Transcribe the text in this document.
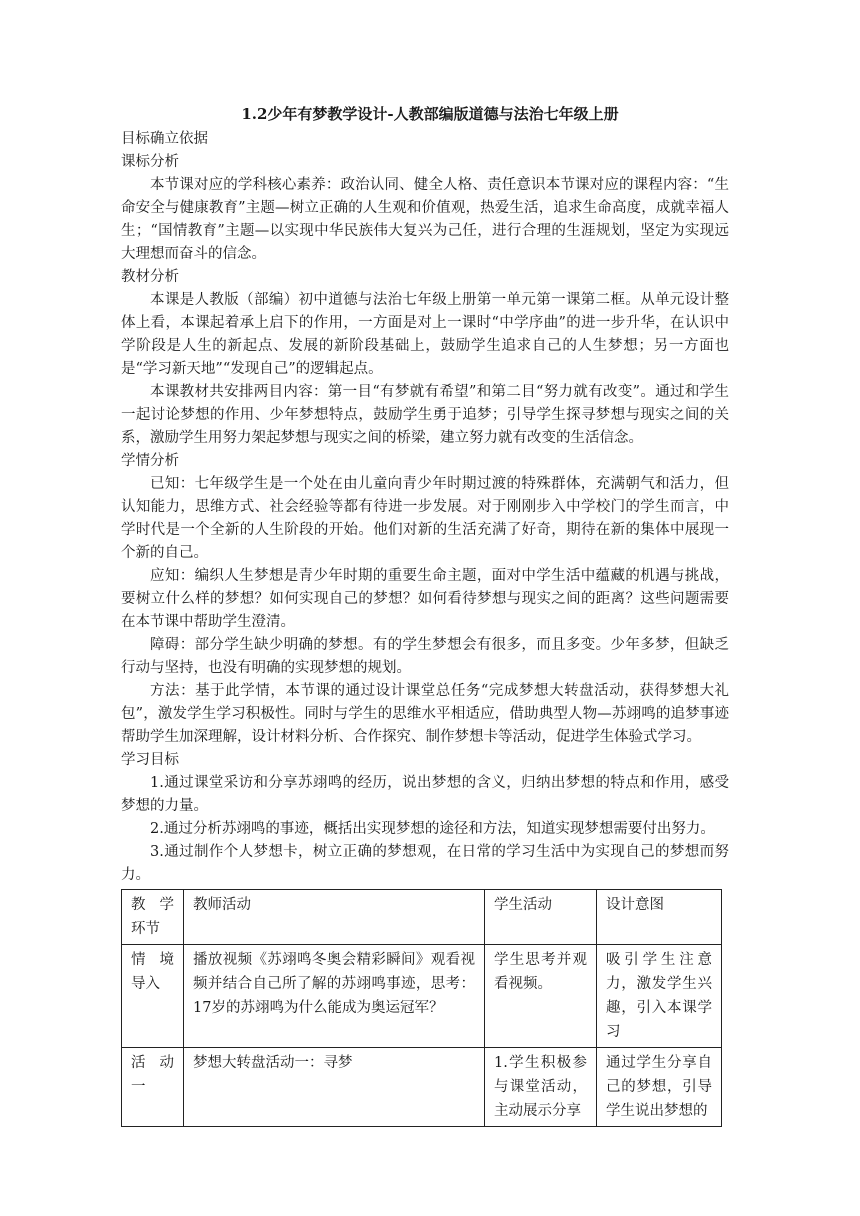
1.2少年有梦教学设计-人教部编版道德与法治七年级上册
目标确立依据
课标分析
本节课对应的学科核心素养：政治认同、健全人格、责任意识本节课对应的课程内容：“生命安全与健康教育”主题—树立正确的人生观和价值观，热爱生活，追求生命高度，成就幸福人生；“国情教育”主题—以实现中华民族伟大复兴为己任，进行合理的生涯规划，坚定为实现远大理想而奋斗的信念。
教材分析
本课是人教版（部编）初中道德与法治七年级上册第一单元第一课第二框。从单元设计整体上看，本课起着承上启下的作用，一方面是对上一课时“中学序曲”的进一步升华，在认识中学阶段是人生的新起点、发展的新阶段基础上，鼓励学生追求自己的人生梦想；另一方面也是“学习新天地”“发现自己”的逻辑起点。
本课教材共安排两目内容：第一目“有梦就有希望”和第二目“努力就有改变”。通过和学生一起讨论梦想的作用、少年梦想特点，鼓励学生勇于追梦；引导学生探寻梦想与现实之间的关系，激励学生用努力架起梦想与现实之间的桥梁，建立努力就有改变的生活信念。
学情分析
已知：七年级学生是一个处在由儿童向青少年时期过渡的特殊群体，充满朝气和活力，但认知能力，思维方式、社会经验等都有待进一步发展。对于刚刚步入中学校门的学生而言，中学时代是一个全新的人生阶段的开始。他们对新的生活充满了好奇，期待在新的集体中展现一个新的自己。
应知：编织人生梦想是青少年时期的重要生命主题，面对中学生活中蕴藏的机遇与挑战，要树立什么样的梦想？如何实现自己的梦想？如何看待梦想与现实之间的距离？这些问题需要在本节课中帮助学生澄清。
障碍：部分学生缺少明确的梦想。有的学生梦想会有很多，而且多变。少年多梦，但缺乏行动与坚持，也没有明确的实现梦想的规划。
方法：基于此学情，本节课的通过设计课堂总任务“完成梦想大转盘活动，获得梦想大礼包”，激发学生学习积极性。同时与学生的思维水平相适应，借助典型人物—苏翊鸣的追梦事迹帮助学生加深理解，设计材料分析、合作探究、制作梦想卡等活动，促进学生体验式学习。
学习目标
1.通过课堂采访和分享苏翊鸣的经历，说出梦想的含义，归纳出梦想的特点和作用，感受梦想的力量。
2.通过分析苏翊鸣的事迹，概括出实现梦想的途径和方法，知道实现梦想需要付出努力。
3.通过制作个人梦想卡，树立正确的梦想观，在日常的学习生活中为实现自己的梦想而努力。
教学环节	教师活动	学生活动	设计意图
情境导入	播放视频《苏翊鸣冬奥会精彩瞬间》观看视频并结合自己所了解的苏翊鸣事迹，思考：17岁的苏翊鸣为什么能成为奥运冠军？	学生思考并观看视频。	吸引学生注意力，激发学生兴趣，引入本课学习
活动一	梦想大转盘活动一：寻梦	1.学生积极参与课堂活动，主动展示分享	通过学生分享自己的梦想，引导学生说出梦想的
